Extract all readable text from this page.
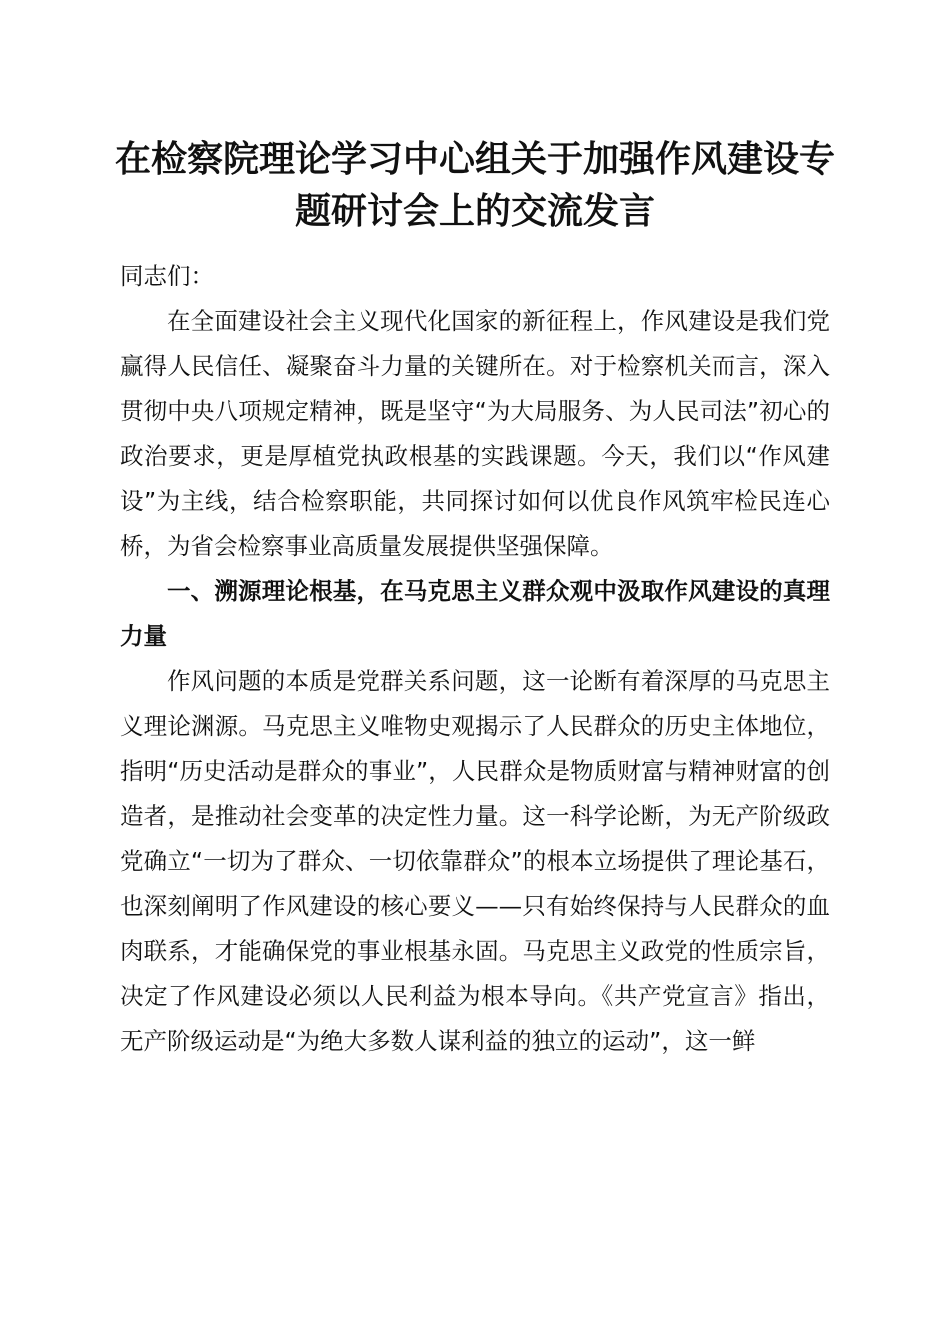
在检察院理论学习中心组关于加强作风建设专题研讨会上的交流发言

同志们：

在全面建设社会主义现代化国家的新征程上，作风建设是我们党赢得人民信任、凝聚奋斗力量的关键所在。对于检察机关而言，深入贯彻中央八项规定精神，既是坚守“为大局服务、为人民司法”初心的政治要求，更是厚植党执政根基的实践课题。今天，我们以“作风建设”为主线，结合检察职能，共同探讨如何以优良作风筑牢检民连心桥，为省会检察事业高质量发展提供坚强保障。

一、溯源理论根基，在马克思主义群众观中汲取作风建设的真理力量

作风问题的本质是党群关系问题，这一论断有着深厚的马克思主义理论渊源。马克思主义唯物史观揭示了人民群众的历史主体地位，指明“历史活动是群众的事业”，人民群众是物质财富与精神财富的创造者，是推动社会变革的决定性力量。这一科学论断，为无产阶级政党确立“一切为了群众、一切依靠群众”的根本立场提供了理论基石，也深刻阐明了作风建设的核心要义——只有始终保持与人民群众的血肉联系，才能确保党的事业根基永固。马克思主义政党的性质宗旨，决定了作风建设必须以人民利益为根本导向。《共产党宣言》指出，无产阶级运动是“为绝大多数人谋利益的独立的运动”，这一鲜
